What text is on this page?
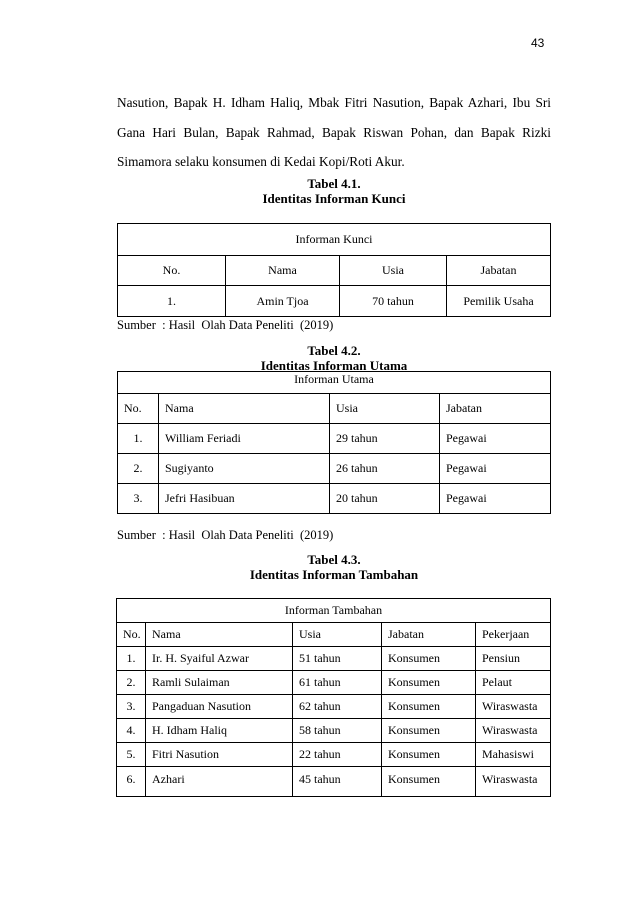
43

Nasution, Bapak H. Idham Haliq, Mbak Fitri Nasution, Bapak Azhari, Ibu Sri
Gana Hari Bulan, Bapak Rahmad, Bapak Riswan Pohan, dan Bapak Rizki
Simamora selaku konsumen di Kedai Kopi/Roti Akur.

Tabel 4.1.
Identitas Informan Kunci
Informan Kunci			
No.	Nama	Usia	Jabatan
1.	Amin Tjoa	70 tahun	Pemilik Usaha
Sumber  : Hasil  Olah Data Peneliti  (2019)
Tabel 4.2.
Identitas Informan Utama
Informan Utama			
No.	Nama	Usia	Jabatan
1.	William Feriadi	29 tahun	Pegawai
2.	Sugiyanto	26 tahun	Pegawai
3.	Jefri Hasibuan	20 tahun	Pegawai
Sumber  : Hasil  Olah Data Peneliti  (2019)
Tabel 4.3.
Identitas Informan Tambahan
Informan Tambahan				
No.	Nama	Usia	Jabatan	Pekerjaan
1.	Ir. H. Syaiful Azwar	51 tahun	Konsumen	Pensiun
2.	Ramli Sulaiman	61 tahun	Konsumen	Pelaut
3.	Pangaduan Nasution	62 tahun	Konsumen	Wiraswasta
4.	H. Idham Haliq	58 tahun	Konsumen	Wiraswasta
5.	Fitri Nasution	22 tahun	Konsumen	Mahasiswi
6.	Azhari	45 tahun	Konsumen	Wiraswasta
